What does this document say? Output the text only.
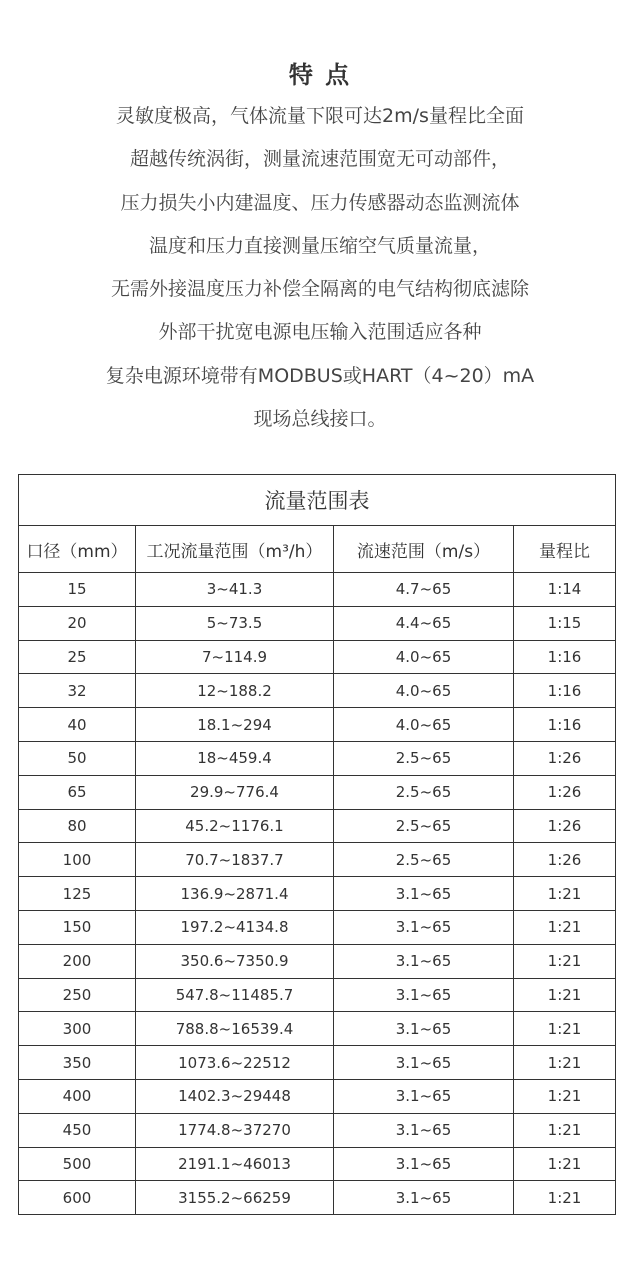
特 点
灵敏度极高，气体流量下限可达2m/s量程比全面
超越传统涡街，测量流速范围宽无可动部件，
压力损失小内建温度、压力传感器动态监测流体
温度和压力直接测量压缩空气质量流量，
无需外接温度压力补偿全隔离的电气结构彻底滤除
外部干扰宽电源电压输入范围适应各种
复杂电源环境带有MODBUS或HART（4~20）mA
现场总线接口。
流量范围表			
口径（mm）	工况流量范围（m³/h）	流速范围（m/s）	量程比
15	3~41.3	4.7~65	1:14
20	5~73.5	4.4~65	1:15
25	7~114.9	4.0~65	1:16
32	12~188.2	4.0~65	1:16
40	18.1~294	4.0~65	1:16
50	18~459.4	2.5~65	1:26
65	29.9~776.4	2.5~65	1:26
80	45.2~1176.1	2.5~65	1:26
100	70.7~1837.7	2.5~65	1:26
125	136.9~2871.4	3.1~65	1:21
150	197.2~4134.8	3.1~65	1:21
200	350.6~7350.9	3.1~65	1:21
250	547.8~11485.7	3.1~65	1:21
300	788.8~16539.4	3.1~65	1:21
350	1073.6~22512	3.1~65	1:21
400	1402.3~29448	3.1~65	1:21
450	1774.8~37270	3.1~65	1:21
500	2191.1~46013	3.1~65	1:21
600	3155.2~66259	3.1~65	1:21
